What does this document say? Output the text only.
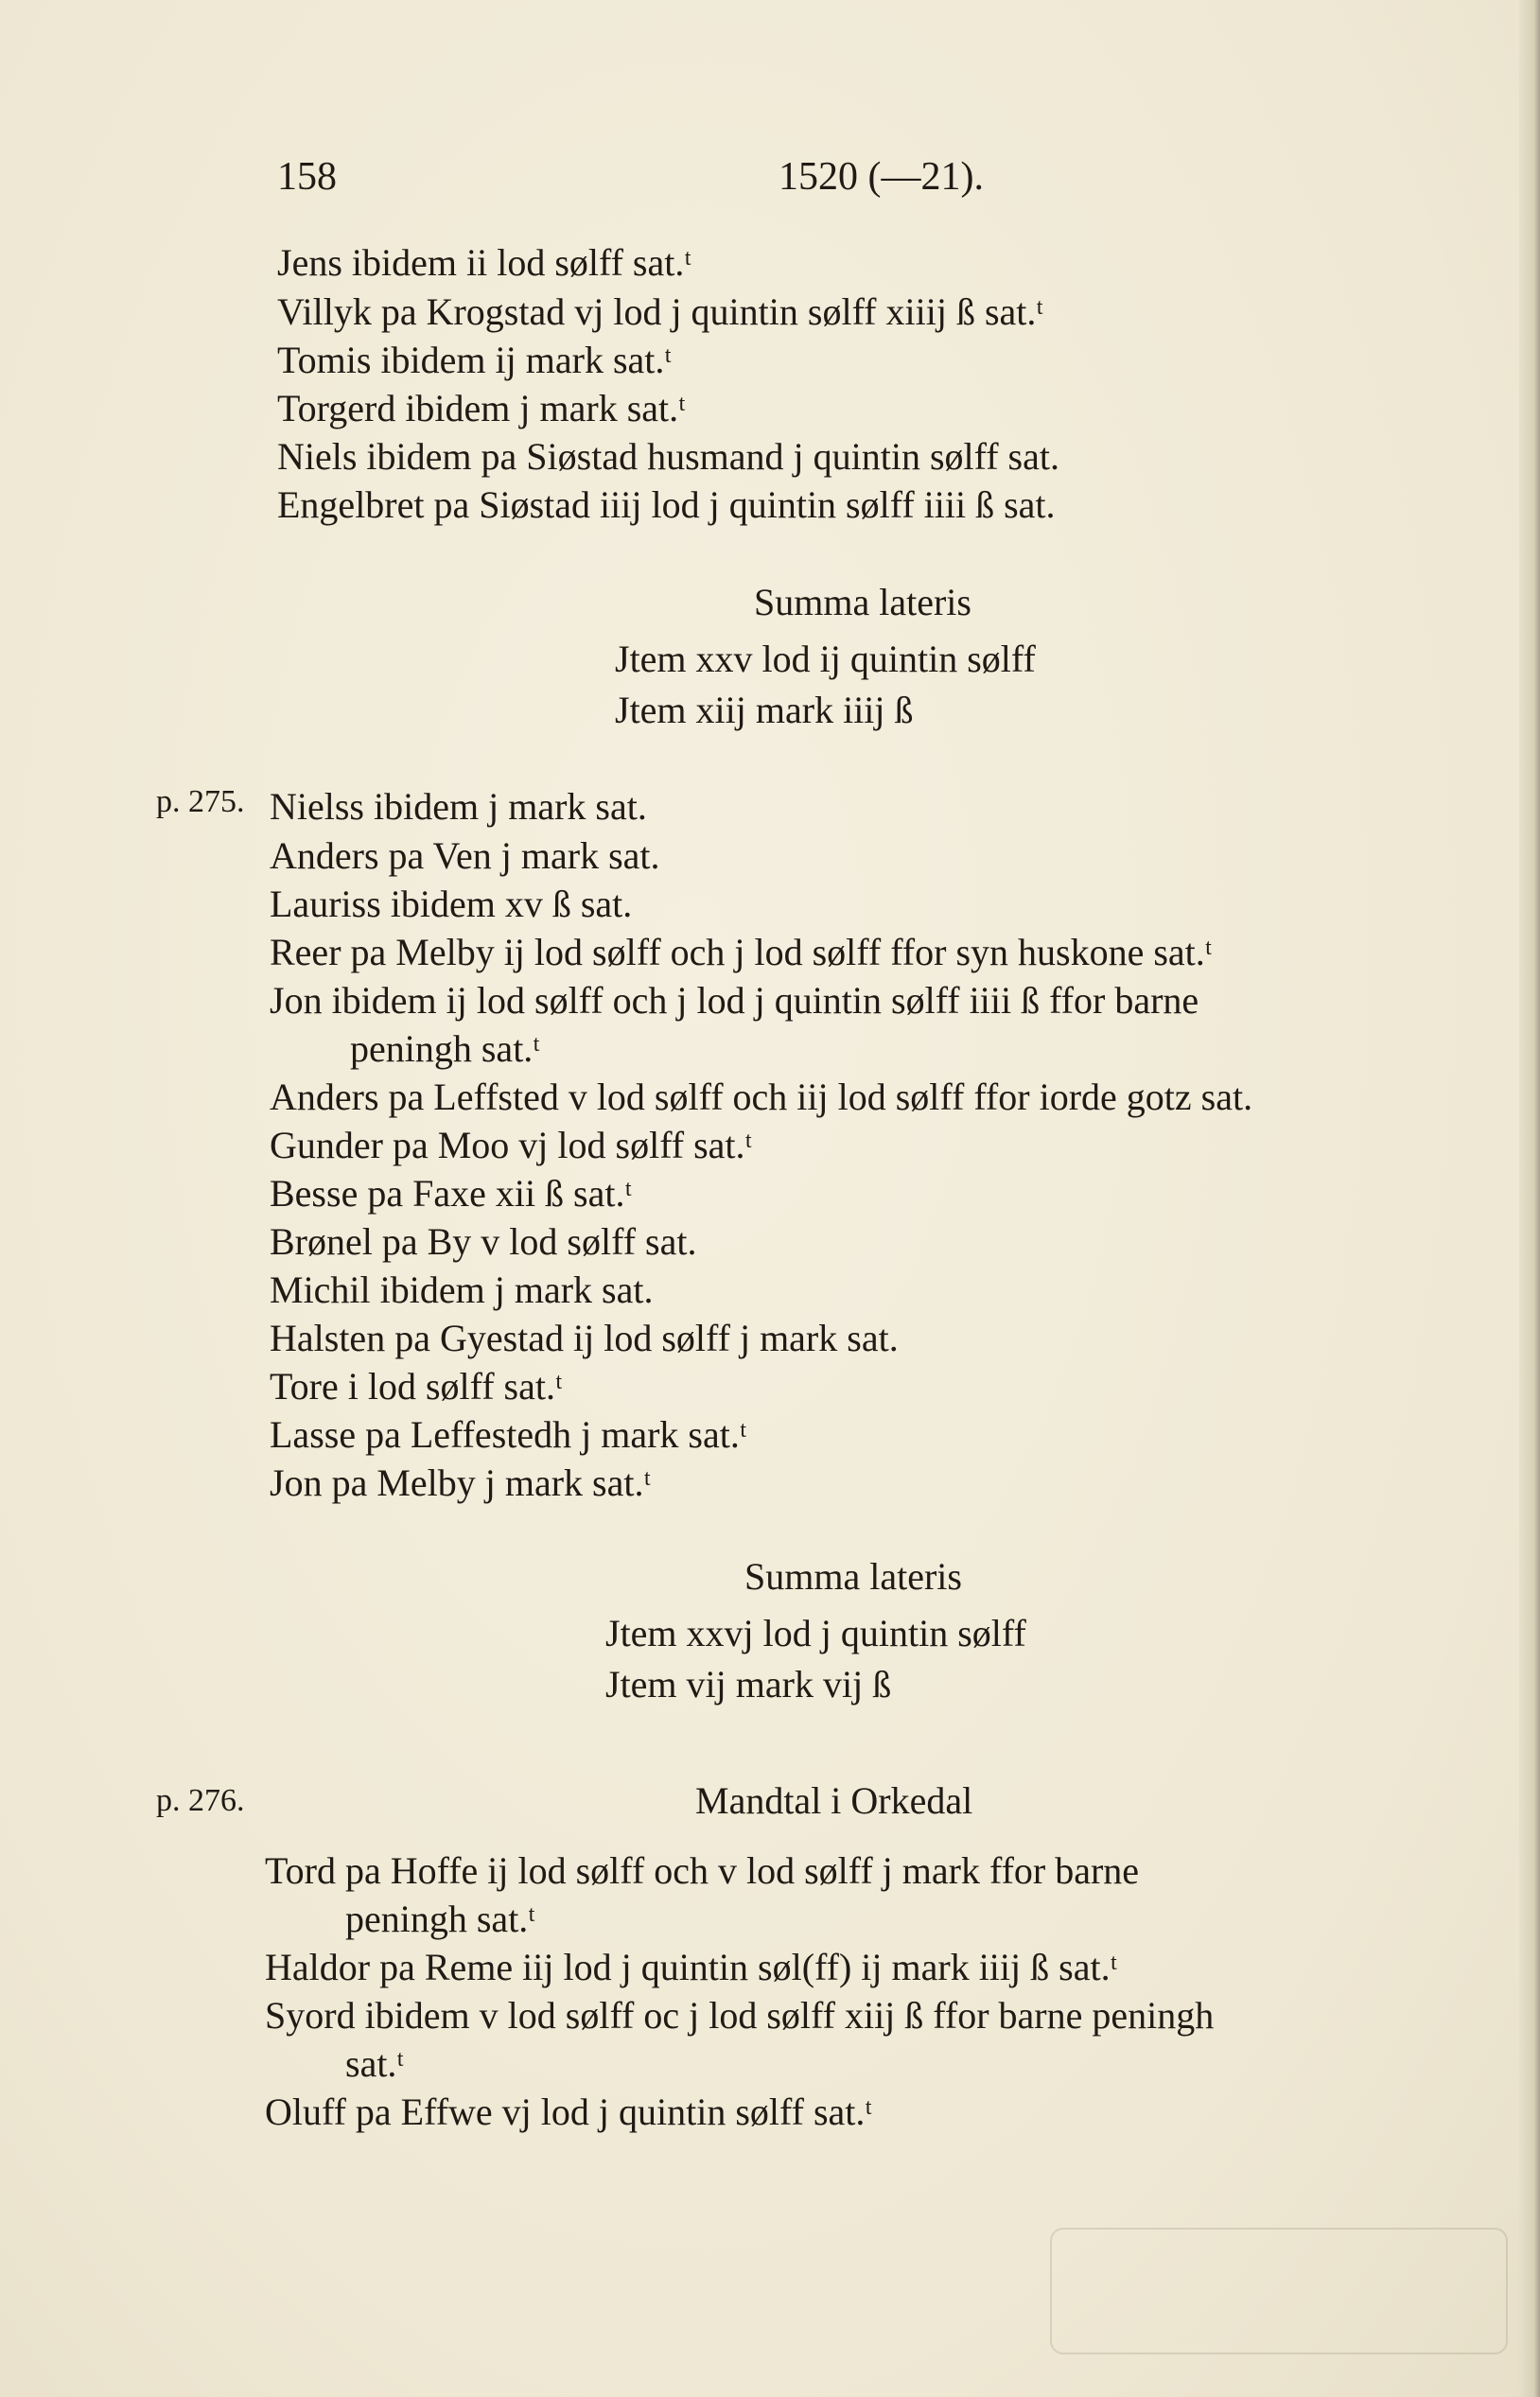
158	1520 (—21).
Jens ibidem ii lod sølff sat.ᵗ
Villyk pa Krogstad vj lod j quintin sølff xiiij ß sat.ᵗ
Tomis ibidem ij mark sat.ᵗ
Torgerd ibidem j mark sat.ᵗ
Niels ibidem pa Siøstad husmand j quintin sølff sat.
Engelbret pa Siøstad iiij lod j quintin sølff iiii ß sat.
Summa lateris
Jtem xxv lod ij quintin sølff
Jtem xiij mark iiij ß
p. 275. Nielss ibidem j mark sat.
Anders pa Ven j mark sat.
Lauriss ibidem xv ß sat.
Reer pa Melby ij lod sølff och j lod sølff ffor syn huskone sat.ᵗ
Jon ibidem ij lod sølff och j lod j quintin sølff iiii ß ffor barne
peningh sat.ᵗ
Anders pa Leffsted v lod sølff och iij lod sølff ffor iorde gotz sat.
Gunder pa Moo vj lod sølff sat.ᵗ
Besse pa Faxe xii ß sat.ᵗ
Brønel pa By v lod sølff sat.
Michil ibidem j mark sat.
Halsten pa Gyestad ij lod sølff j mark sat.
Tore i lod sølff sat.ᵗ
Lasse pa Leffestedh j mark sat.ᵗ
Jon pa Melby j mark sat.ᵗ
Summa lateris
Jtem xxvj lod j quintin sølff
Jtem vij mark vij ß
p. 276.	Mandtal i Orkedal
Tord pa Hoffe ij lod sølff och v lod sølff j mark ffor barne
peningh sat.ᵗ
Haldor pa Reme iij lod j quintin søl(ff) ij mark iiij ß sat.ᵗ
Syord ibidem v lod sølff oc j lod sølff xiij ß ffor barne peningh
sat.ᵗ
Oluff pa Effwe vj lod j quintin sølff sat.ᵗ
